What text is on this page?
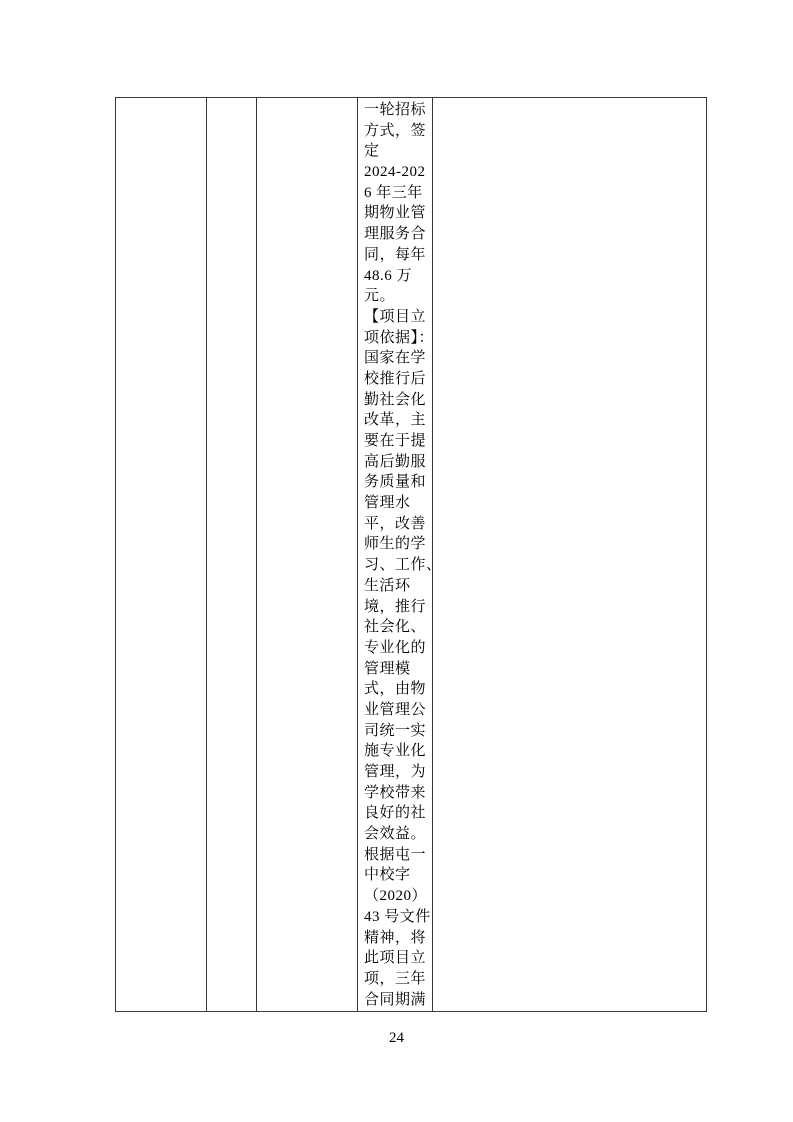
一轮招标
方式，签
定
2024-202
6 年三年
期物业管
理服务合
同，每年
48.6 万
元。
【项目立
项依据】：
国家在学
校推行后
勤社会化
改革，主
要在于提
高后勤服
务质量和
管理水
平，改善
师生的学
习、工作、
生活环
境，推行
社会化、
专业化的
管理模
式，由物
业管理公
司统一实
施专业化
管理，为
学校带来
良好的社
会效益。
根据屯一
中校字
（2020）
43 号文件
精神，将
此项目立
项，三年
合同期满
24
